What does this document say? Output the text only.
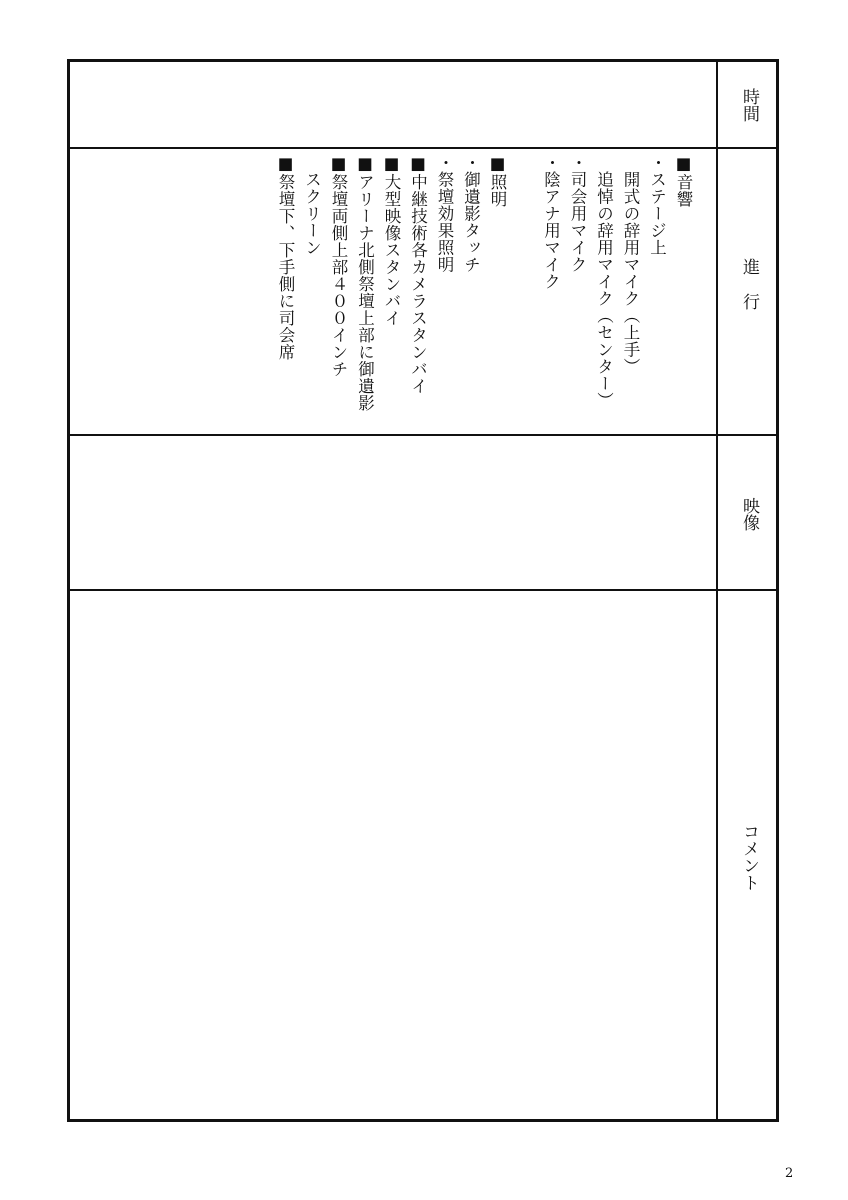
時間
進行
映像
コメント
■音響
・ステージ上
　開式の辞用マイク（上手）
　追悼の辞用マイク（センター）
・司会用マイク
・陰アナ用マイク
■照明
・御遺影タッチ
・祭壇効果照明
■中継技術各カメラスタンバイ
■大型映像スタンバイ
■アリーナ北側祭壇上部に御遺影
■祭壇両側上部４００インチ
　スクリーン
■祭壇下、下手側に司会席
2
